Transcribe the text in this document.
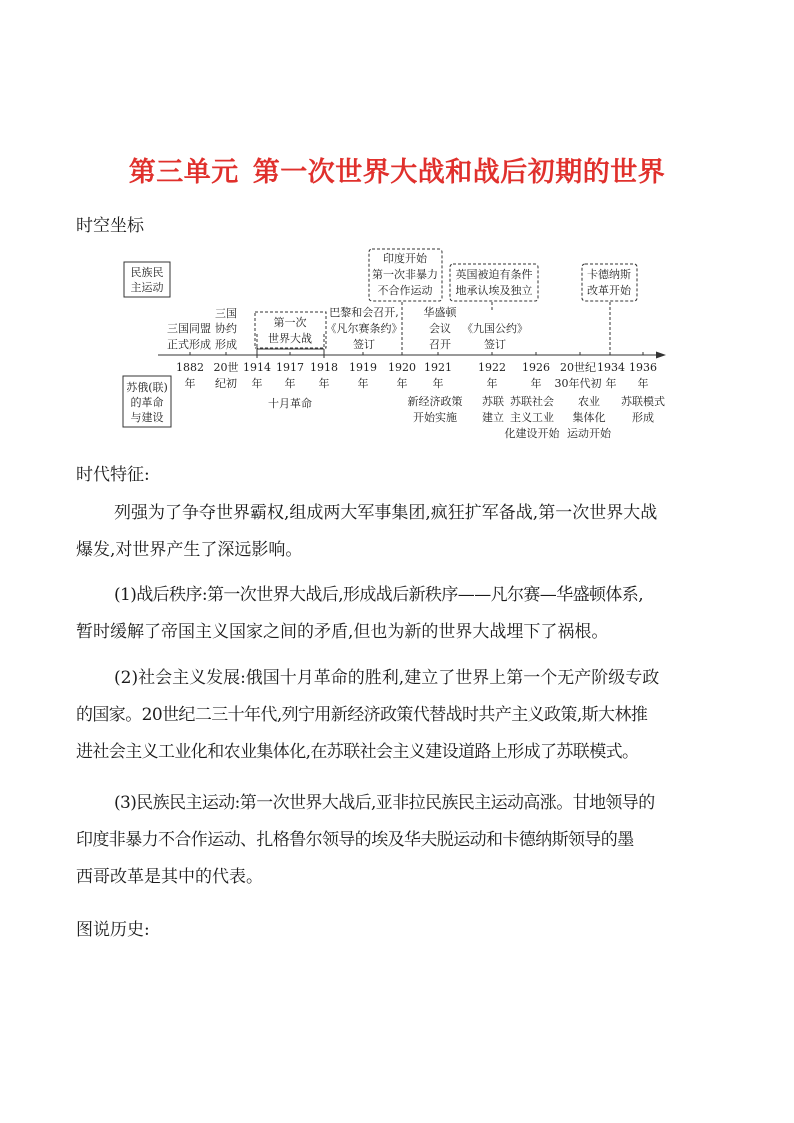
第三单元 第一次世界大战和战后初期的世界
时空坐标
民族民
主运动
苏俄(联)
的革命
与建设
印度开始
第一次非暴力
不合作运动
英国被迫有条件
地承认埃及独立
卡德纳斯
改革开始
三国同盟
正式形成
三国
协约
形成
第一次
世界大战
巴黎和会召开,
《凡尔赛条约》
签订
华盛顿
会议
召开
《九国公约》
签订
1882
年
20世
纪初
1914
年
1917
年
1918
年
1919
年
1920
年
1921
年
1922
年
1926
年
20世纪
30年代初
1934
年
1936
年
十月革命	新经济政策
开始实施
苏联
建立
苏联社会
主义工业
化建设开始
农业
集体化
运动开始
苏联模式
形成
时代特征:
列强为了争夺世界霸权,组成两大军事集团,疯狂扩军备战,第一次世界大战
爆发,对世界产生了深远影响。
(1)战后秩序:第一次世界大战后,形成战后新秩序——凡尔赛—华盛顿体系,
暂时缓解了帝国主义国家之间的矛盾,但也为新的世界大战埋下了祸根。
(2)社会主义发展:俄国十月革命的胜利,建立了世界上第一个无产阶级专政
的国家。20世纪二三十年代,列宁用新经济政策代替战时共产主义政策,斯大林推
进社会主义工业化和农业集体化,在苏联社会主义建设道路上形成了苏联模式。
(3)民族民主运动:第一次世界大战后,亚非拉民族民主运动高涨。甘地领导的
印度非暴力不合作运动、扎格鲁尔领导的埃及华夫脱运动和卡德纳斯领导的墨
西哥改革是其中的代表。
图说历史:
